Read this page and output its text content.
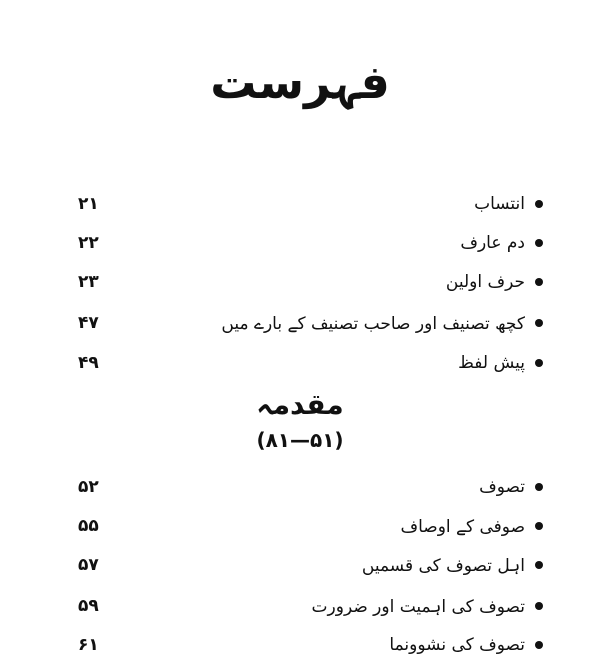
فہرست
انتساب
۲۱
دم عارف
۲۲
حرف اولین
۲۳
کچھ تصنیف اور صاحب تصنیف کے بارے میں
۴۷
پیش لفظ
۴۹
مقدمہ
(۵۱—۸۱)
تصوف
۵۲
صوفی کے اوصاف
۵۵
اہل تصوف کی قسمیں
۵۷
تصوف کی اہمیت اور ضرورت
۵۹
تصوف کی نشوونما
۶۱
